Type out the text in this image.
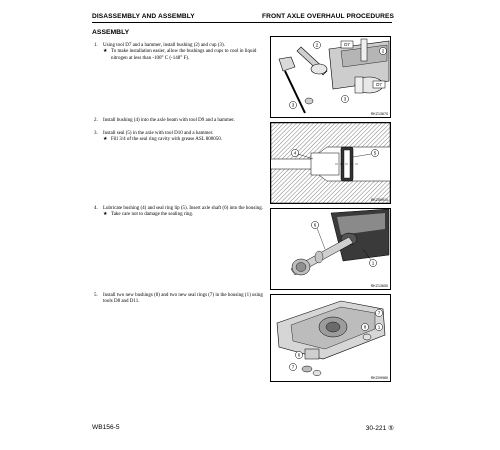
DISASSEMBLY AND ASSEMBLY	FRONT AXLE OVERHAUL PROCEDURES
ASSEMBLY
1. Using tool D7 and a hammer, install bushing (2) and cup (3).
★ To make installation easier, allow the bushings and cups to cool in liquid nitrogen at less than -100° C (-148° F).
2. Install bushing (4) into the axle beam with tool D9 and a hammer.
3. Install seal (5) in the axle with tool D10 and a hammer.
★ Fill 3/4 of the seal ring cavity with grease ASL 800050.
4. Lubricate bushing (4) and seal ring lip (5). Insert axle shaft (6) into the housing.
★ Take care not to damage the sealing ring.
5. Install two new bushings (8) and two new seal rings (7) in the housing (1) using tools D8 and D11.
2	D7
3
D7
3
2
RKZ13670
4	5
RKZ09910
6
1
RKZ13650
7
8 1
6
7
RKZ09980
WB156-5	30-221 ⑤
